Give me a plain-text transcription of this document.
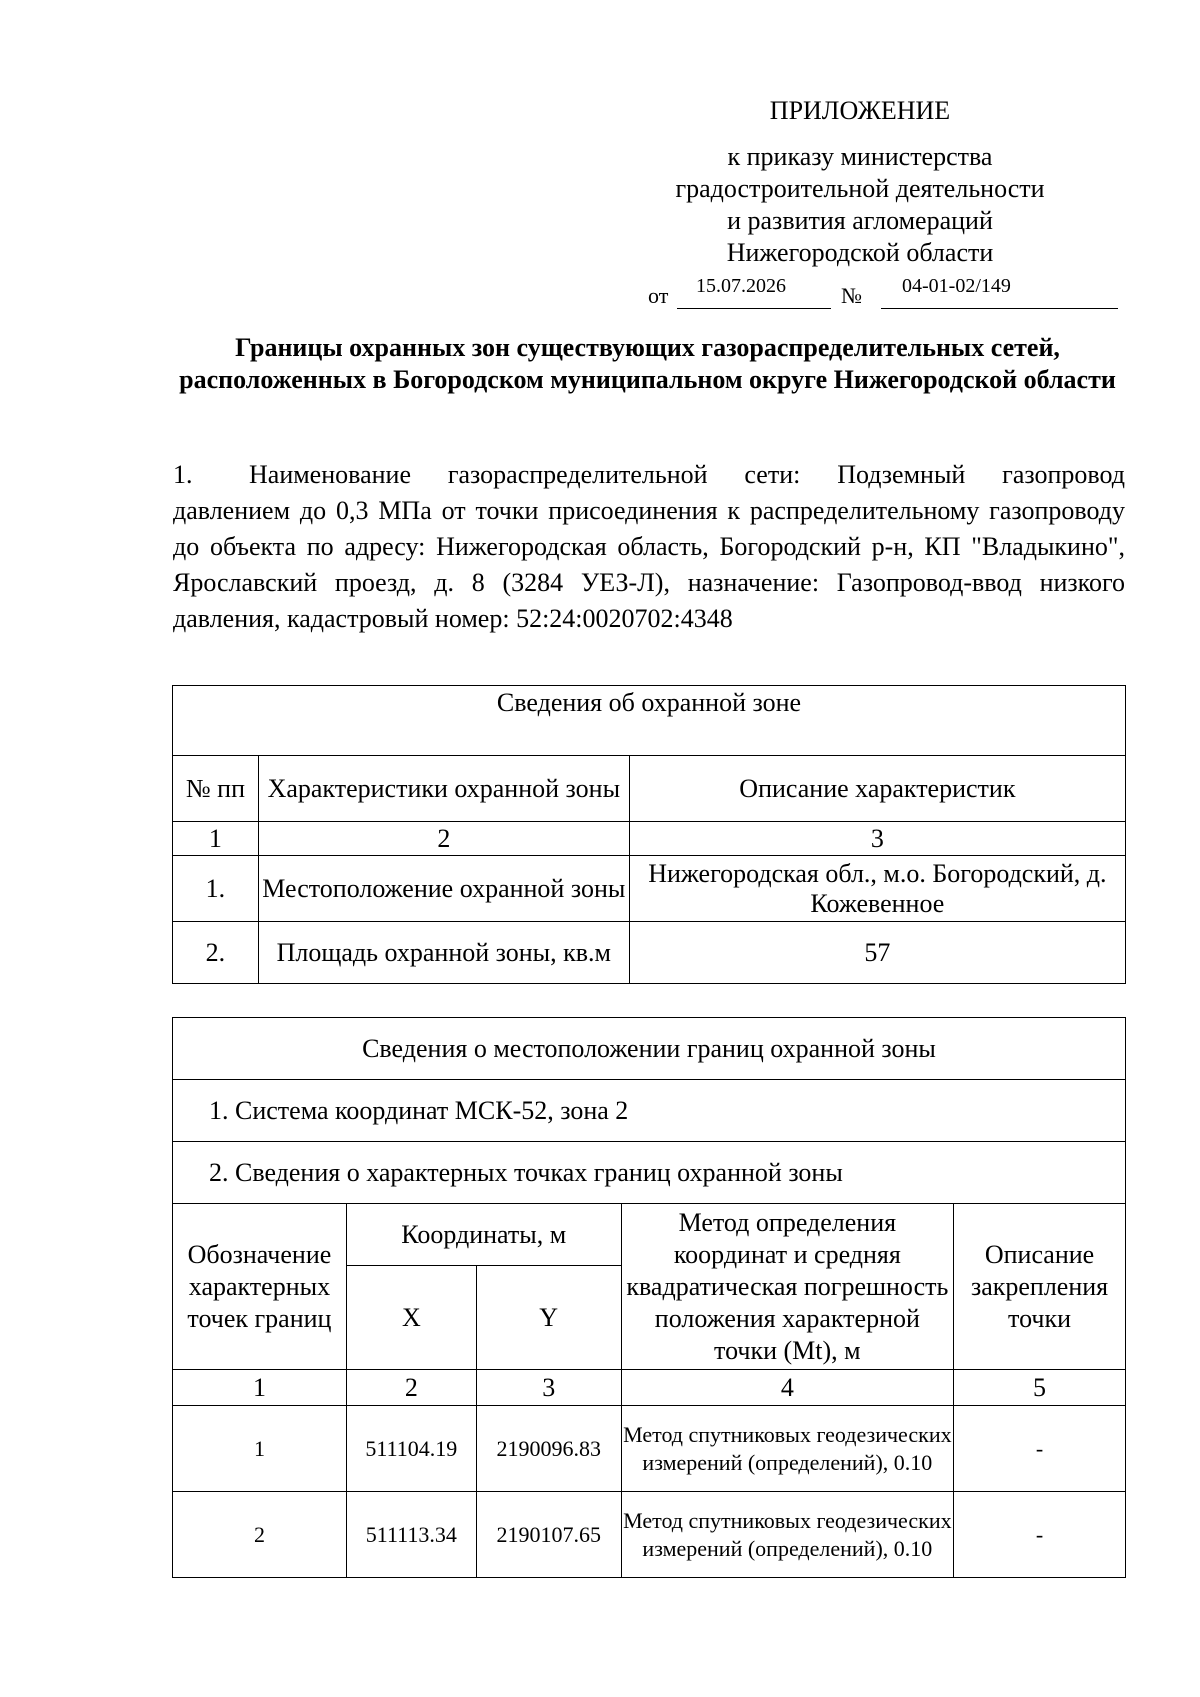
ПРИЛОЖЕНИЕ
к приказу министерства
градостроительной деятельности
и развития агломераций
Нижегородской области
от 15.07.2026	№ 04-01-02/149
Границы охранных зон существующих газораспределительных сетей, расположенных в Богородском муниципальном округе Нижегородской области
1. Наименование газораспределительной сети: Подземный газопровод давлением до 0,3 МПа от точки присоединения к распределительному газопроводу до объекта по адресу: Нижегородская область, Богородский р-н, КП "Владыкино", Ярославский проезд, д. 8 (3284 УЕЗ-Л), назначение: Газопровод-ввод низкого давления, кадастровый номер: 52:24:0020702:4348
Сведения об охранной зоне		
№ пп	Характеристики охранной зоны	Описание характеристик
1	2	3
1.	Местоположение охранной зоны	Нижегородская обл., м.о. Богородский, д. Кожевенное
2.	Площадь охранной зоны, кв.м	57
Сведения о местоположении границ охранной зоны				
1. Система координат МСК-52, зона 2				
2. Сведения о характерных точках границ охранной зоны				
Обозначение характерных точек границ	Координаты, м		Метод определения координат и средняя квадратическая погрешность положения характерной точки (Mt), м	Описание закрепления точки
	X	Y		
1	2	3	4	5
1	511104.19	2190096.83	Метод спутниковых геодезических измерений (определений), 0.10	-
2	511113.34	2190107.65	Метод спутниковых геодезических измерений (определений), 0.10	-
